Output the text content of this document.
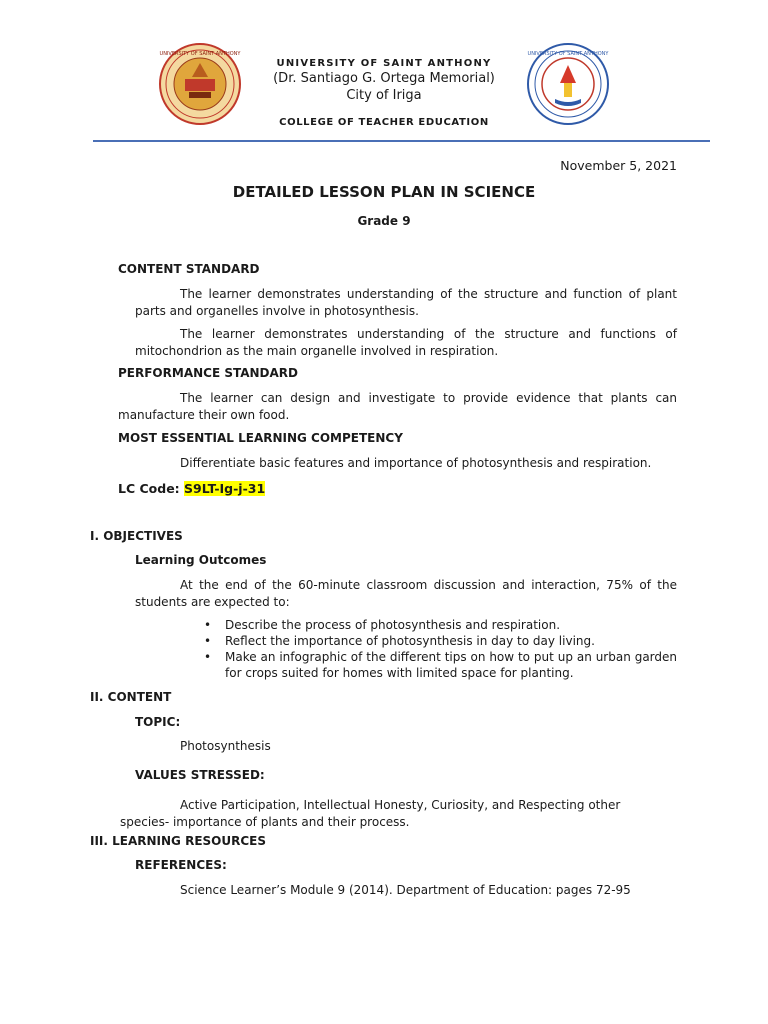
UNIVERSITY OF SAINT ANTHONY	UNIVERSITY OF SAINT ANTHONY
UNIVERSITY OF SAINT ANTHONY
(Dr. Santiago G. Ortega Memorial)
City of Iriga
COLLEGE OF TEACHER EDUCATION
November 5, 2021
DETAILED LESSON PLAN IN SCIENCE
Grade 9
CONTENT STANDARD
The learner demonstrates understanding of the structure and function of plant
parts and organelles involve in photosynthesis.
The learner demonstrates understanding of the structure and functions of
mitochondrion as the main organelle involved in respiration.
PERFORMANCE STANDARD
The learner can design and investigate to provide evidence that plants can
manufacture their own food.
MOST ESSENTIAL LEARNING COMPETENCY
Differentiate basic features and importance of photosynthesis and respiration.
LC Code: S9LT-Ig-j-31
I. OBJECTIVES
Learning Outcomes
At the end of the 60-minute classroom discussion and interaction, 75% of the
students are expected to:
• Describe the process of photosynthesis and respiration.
• Reflect the importance of photosynthesis in day to day living.
• Make an infographic of the different tips on how to put up an urban garden for crops suited for homes with limited space for planting.
II. CONTENT
TOPIC:
Photosynthesis
VALUES STRESSED:
Active Participation, Intellectual Honesty, Curiosity, and Respecting other
species- importance of plants and their process.
III. LEARNING RESOURCES
REFERENCES:
Science Learner’s Module 9 (2014). Department of Education: pages 72-95
